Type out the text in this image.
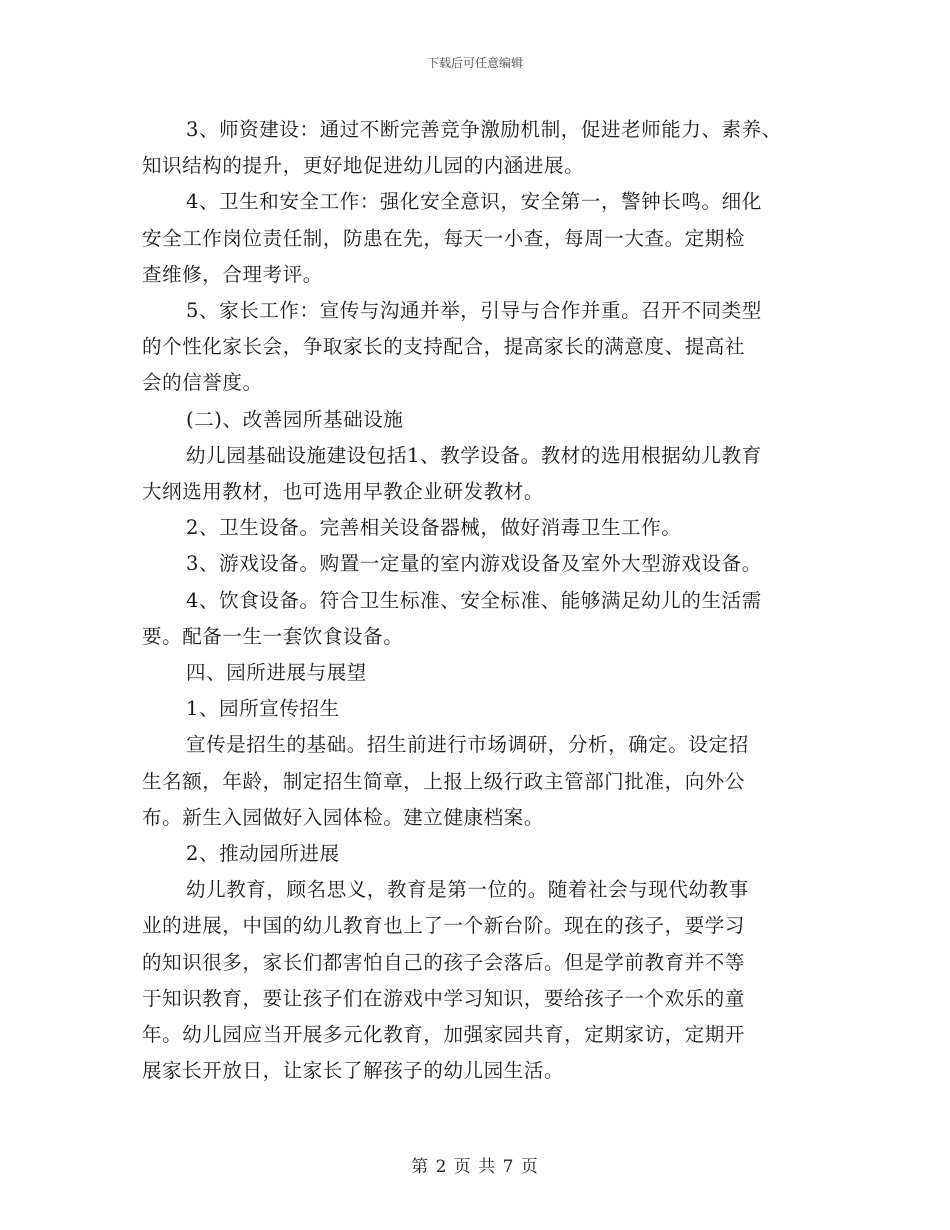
下载后可任意编辑
3、师资建设：通过不断完善竞争激励机制，促进老师能力、素养、
知识结构的提升，更好地促进幼儿园的内涵进展。
4、卫生和安全工作：强化安全意识，安全第一，警钟长鸣。细化
安全工作岗位责任制，防患在先，每天一小查，每周一大查。定期检
查维修，合理考评。
5、家长工作：宣传与沟通并举，引导与合作并重。召开不同类型
的个性化家长会，争取家长的支持配合，提高家长的满意度、提高社
会的信誉度。
(二)、改善园所基础设施
幼儿园基础设施建设包括1、教学设备。教材的选用根据幼儿教育
大纲选用教材，也可选用早教企业研发教材。
2、卫生设备。完善相关设备器械，做好消毒卫生工作。
3、游戏设备。购置一定量的室内游戏设备及室外大型游戏设备。
4、饮食设备。符合卫生标准、安全标准、能够满足幼儿的生活需
要。配备一生一套饮食设备。
四、园所进展与展望
1、园所宣传招生
宣传是招生的基础。招生前进行市场调研，分析，确定。设定招
生名额，年龄，制定招生简章，上报上级行政主管部门批准，向外公
布。新生入园做好入园体检。建立健康档案。
2、推动园所进展
幼儿教育，顾名思义，教育是第一位的。随着社会与现代幼教事
业的进展，中国的幼儿教育也上了一个新台阶。现在的孩子，要学习
的知识很多，家长们都害怕自己的孩子会落后。但是学前教育并不等
于知识教育，要让孩子们在游戏中学习知识，要给孩子一个欢乐的童
年。幼儿园应当开展多元化教育，加强家园共育，定期家访，定期开
展家长开放日，让家长了解孩子的幼儿园生活。
第 2 页 共 7 页
